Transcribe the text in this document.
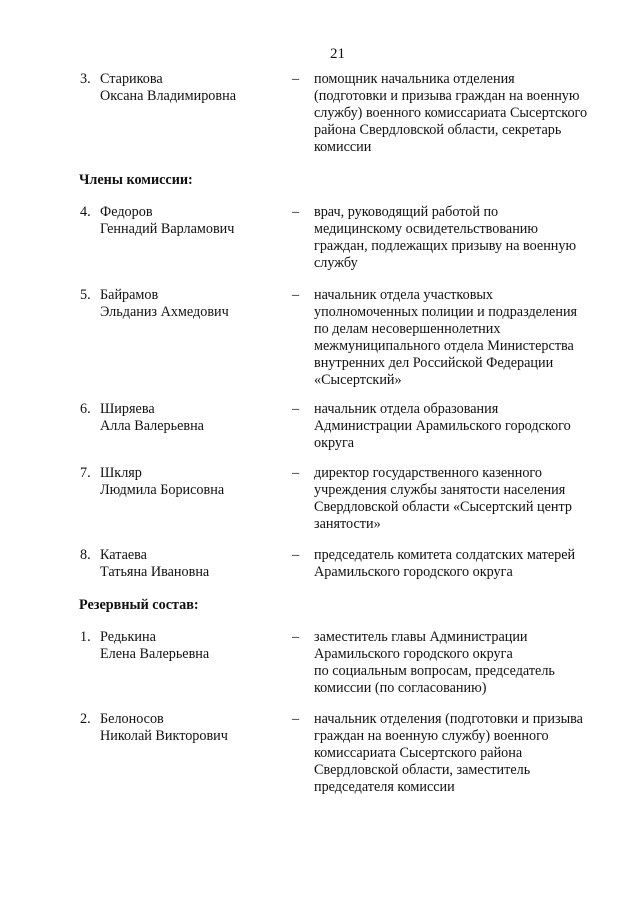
21
3. Старикова
Оксана Владимировна
– помощник начальника отделения
(подготовки и призыва граждан на военную
службу) военного комиссариата Сысертского
района Свердловской области, секретарь
комиссии
Члены комиссии:
4. Федоров
Геннадий Варламович
– врач, руководящий работой по
медицинскому освидетельствованию
граждан, подлежащих призыву на военную
службу
5. Байрамов
Эльданиз Ахмедович
– начальник отдела участковых
уполномоченных полиции и подразделения
по делам несовершеннолетних
межмуниципального отдела Министерства
внутренних дел Российской Федерации
«Сысертский»
6. Ширяева
Алла Валерьевна
– начальник отдела образования
Администрации Арамильского городского
округа
7. Шкляр
Людмила Борисовна
– директор государственного казенного
учреждения службы занятости населения
Свердловской области «Сысертский центр
занятости»
8. Катаева
Татьяна Ивановна
– председатель комитета солдатских матерей
Арамильского городского округа
Резервный состав:
1. Редькина
Елена Валерьевна
– заместитель главы Администрации
Арамильского городского округа
по социальным вопросам, председатель
комиссии (по согласованию)
2. Белоносов
Николай Викторович
– начальник отделения (подготовки и призыва
граждан на военную службу) военного
комиссариата Сысертского района
Свердловской области, заместитель
председателя комиссии
